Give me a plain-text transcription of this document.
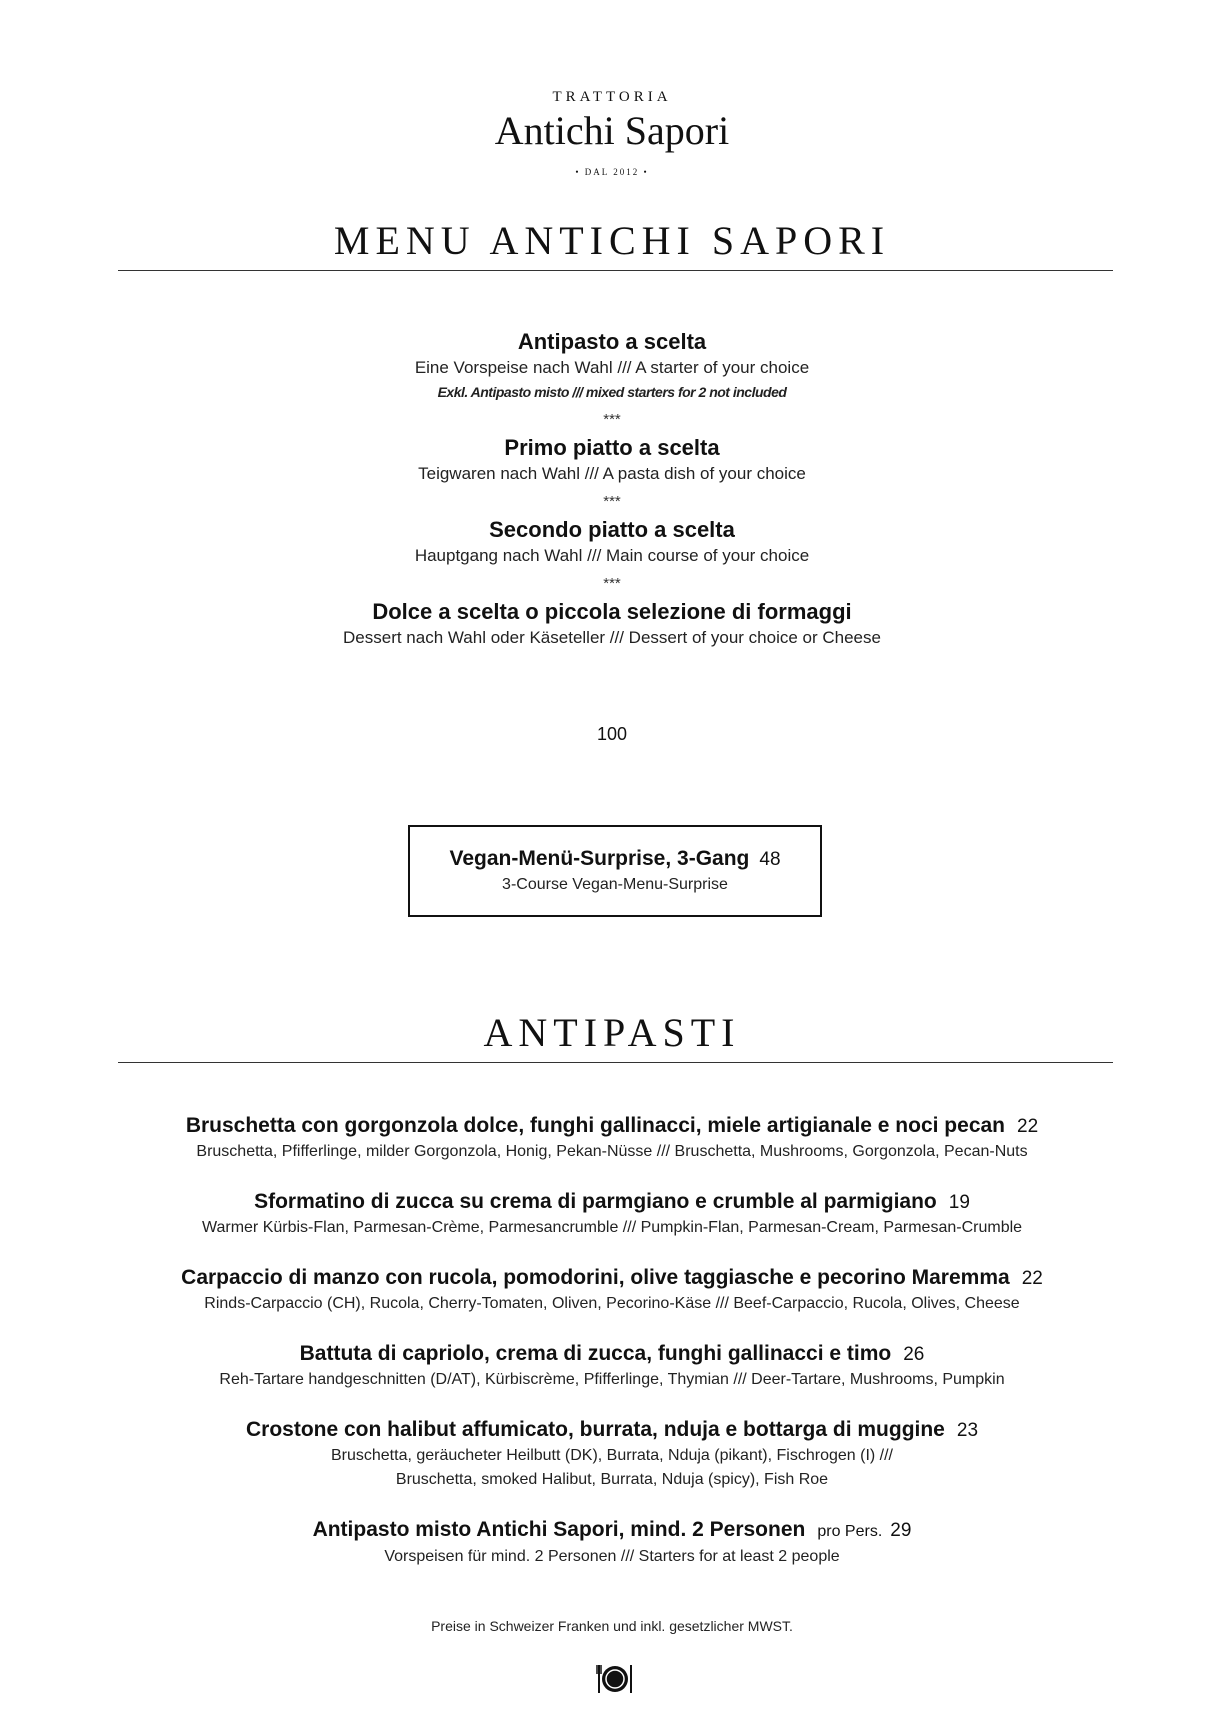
TRATTORIA
Antichi Sapori
• DAL 2012 •
MENU ANTICHI SAPORI
Antipasto a scelta
Eine Vorspeise nach Wahl /// A starter of your choice
Exkl. Antipasto misto /// mixed starters for 2 not included
***
Primo piatto a scelta
Teigwaren nach Wahl /// A pasta dish of your choice
***
Secondo piatto a scelta
Hauptgang nach Wahl /// Main course of your choice
***
Dolce a scelta o piccola selezione di formaggi
Dessert nach Wahl oder Käseteller /// Dessert of your choice or Cheese
100
Vegan-Menü-Surprise, 3-Gang 48
3-Course Vegan-Menu-Surprise
ANTIPASTI
Bruschetta con gorgonzola dolce, funghi gallinacci, miele artigianale e noci pecan 22
Bruschetta, Pfifferlinge, milder Gorgonzola, Honig, Pekan-Nüsse /// Bruschetta, Mushrooms, Gorgonzola, Pecan-Nuts
Sformatino di zucca su crema di parmgiano e crumble al parmigiano 19
Warmer Kürbis-Flan, Parmesan-Crème, Parmesancrumble /// Pumpkin-Flan, Parmesan-Cream, Parmesan-Crumble
Carpaccio di manzo con rucola, pomodorini, olive taggiasche e pecorino Maremma 22
Rinds-Carpaccio (CH), Rucola, Cherry-Tomaten, Oliven, Pecorino-Käse /// Beef-Carpaccio, Rucola, Olives, Cheese
Battuta di capriolo, crema di zucca, funghi gallinacci e timo 26
Reh-Tartare handgeschnitten (D/AT), Kürbiscrème, Pfifferlinge, Thymian /// Deer-Tartare, Mushrooms, Pumpkin
Crostone con halibut affumicato, burrata, nduja e bottarga di muggine 23
Bruschetta, geräucheter Heilbutt (DK), Burrata, Nduja (pikant), Fischrogen (I) ///
Bruschetta, smoked Halibut, Burrata, Nduja (spicy), Fish Roe
Antipasto misto Antichi Sapori, mind. 2 Personen pro Pers. 29
Vorspeisen für mind. 2 Personen /// Starters for at least 2 people
Preise in Schweizer Franken und inkl. gesetzlicher MWST.
